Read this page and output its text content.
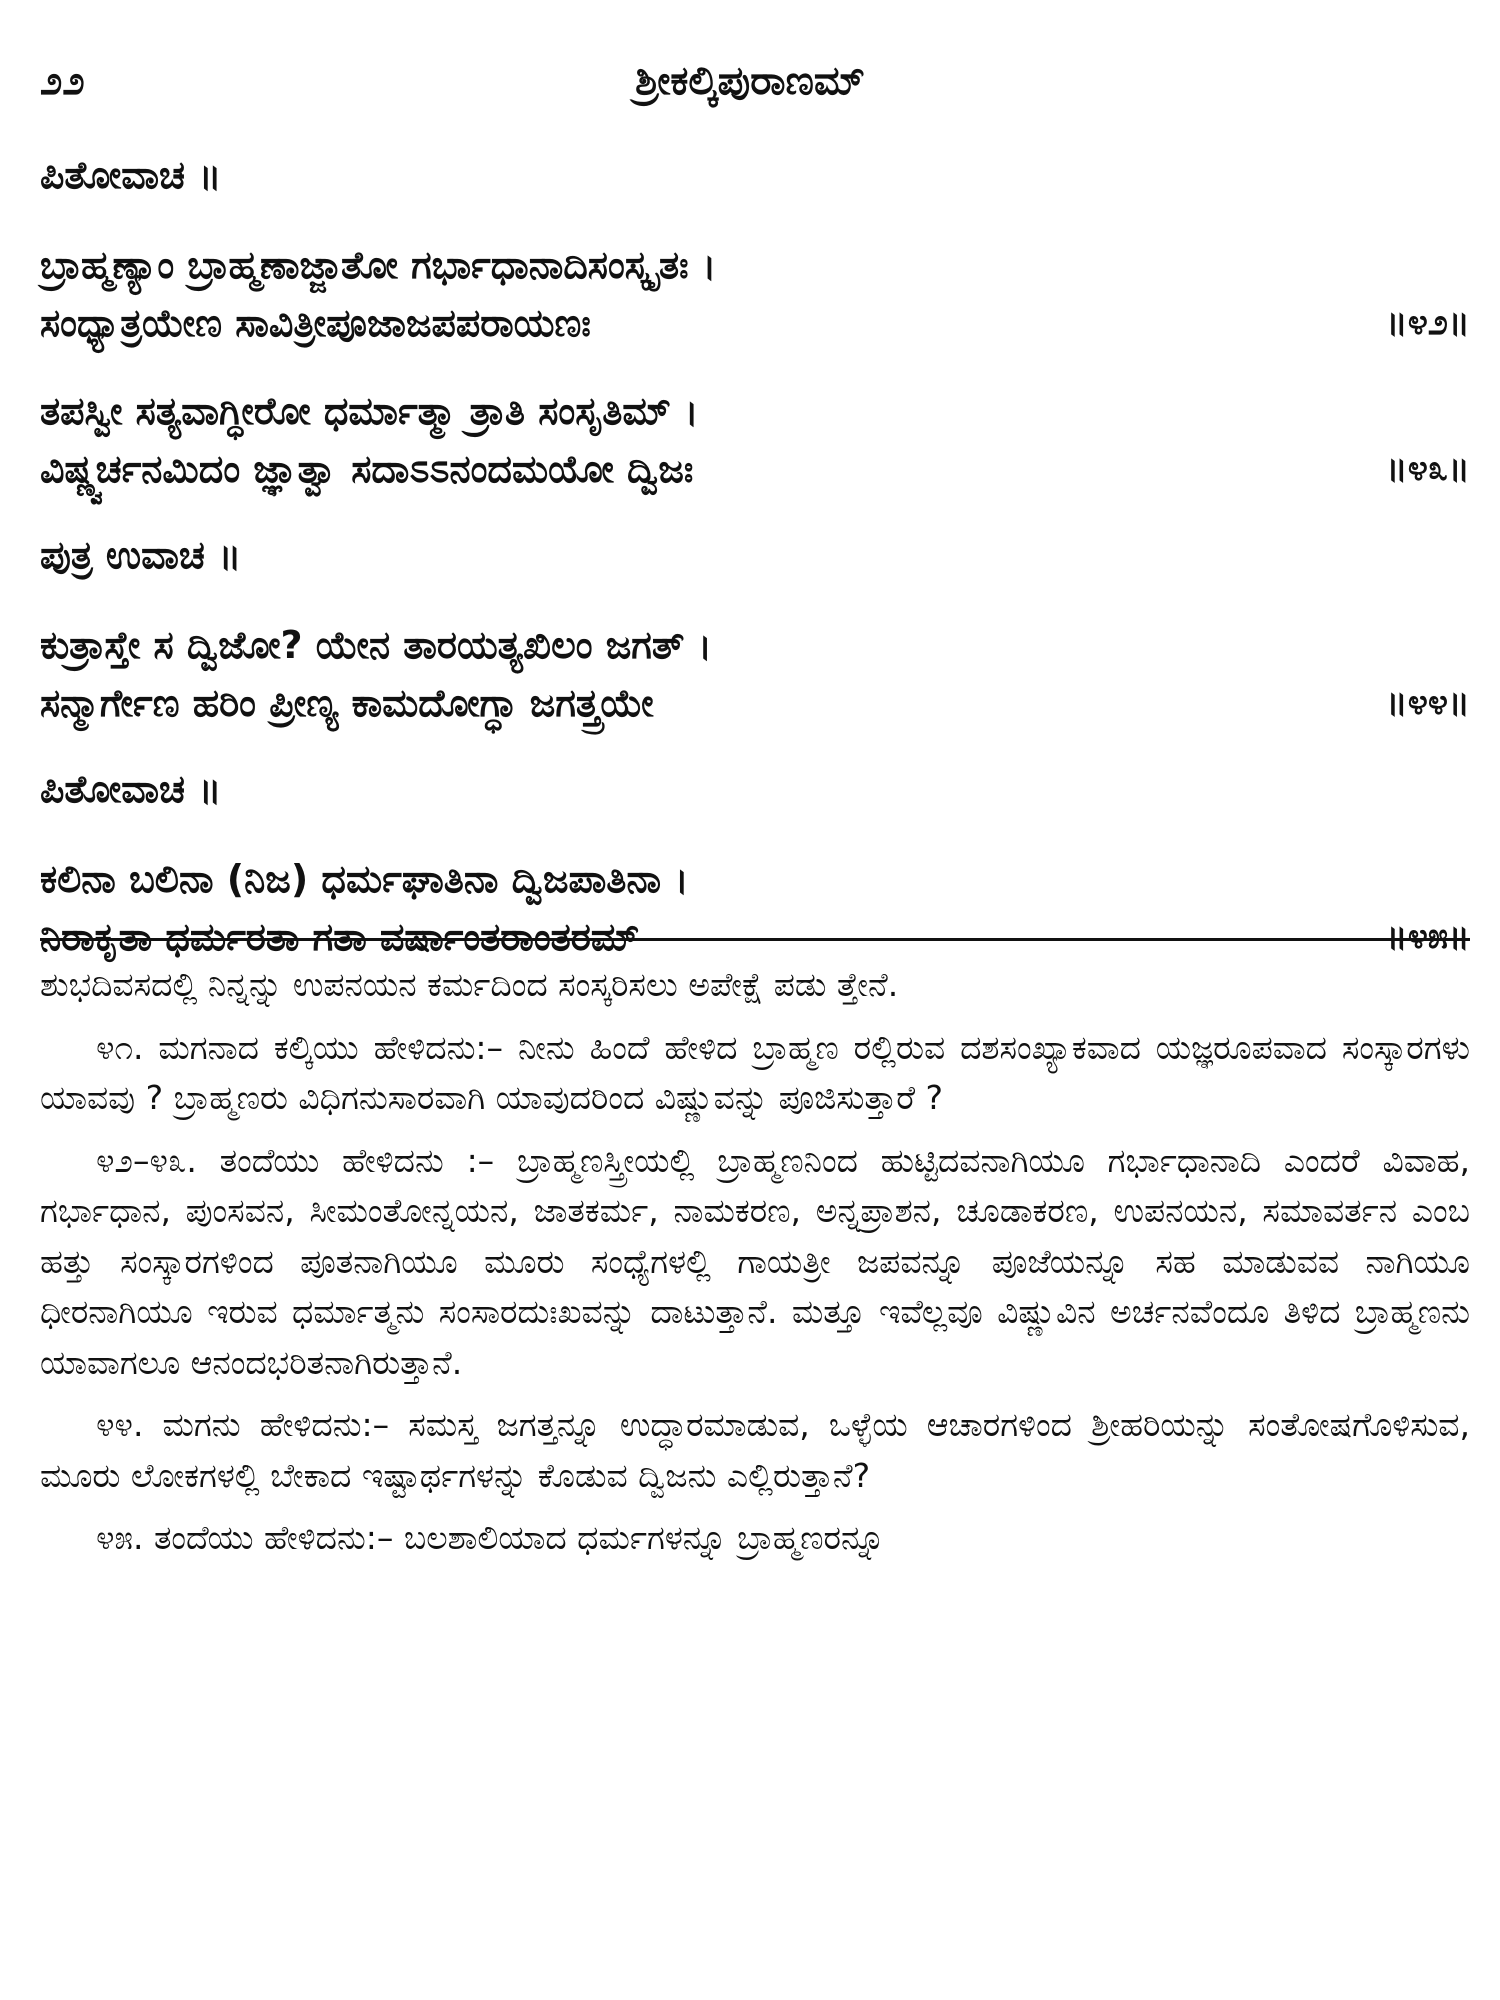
ಶ್ರೀಕಲ್ಕಿಪುರಾಣಮ್
೨೨
ಪಿತೋವಾಚ ॥
ಬ್ರಾಹ್ಮಣ್ಯಾಂ ಬ್ರಾಹ್ಮಣಾಜ್ಜಾತೋ ಗರ್ಭಾಧಾನಾದಿಸಂಸ್ಕೃತಃ ।
ಸಂಧ್ಯಾತ್ರಯೇಣ ಸಾವಿತ್ರೀಪೂಜಾಜಪಪರಾಯಣಃ	॥೪೨॥
ತಪಸ್ವೀ ಸತ್ಯವಾಗ್ಧೀರೋ ಧರ್ಮಾತ್ಮಾ ತ್ರಾತಿ ಸಂಸೃತಿಮ್ ।
ವಿಷ್ಣ್ವರ್ಚನಮಿದಂ ಜ್ಞಾತ್ವಾ ಸದಾಽಽನಂದಮಯೋ ದ್ವಿಜಃ	॥೪೩॥
ಪುತ್ರ ಉವಾಚ ॥
ಕುತ್ರಾಸ್ತೇ ಸ ದ್ವಿಜೋ? ಯೇನ ತಾರಯತ್ಯಖಿಲಂ ಜಗತ್ ।
ಸನ್ಮಾರ್ಗೇಣ ಹರಿಂ ಪ್ರೀಣ್ಯ ಕಾಮದೋಗ್ಧಾ ಜಗತ್ತ್ರಯೇ	॥೪೪॥
ಪಿತೋವಾಚ ॥
ಕಲಿನಾ ಬಲಿನಾ (ನಿಜ) ಧರ್ಮಘಾತಿನಾ ದ್ವಿಜಪಾತಿನಾ ।
ನಿರಾಕೃತಾ ಧರ್ಮರತಾ ಗತಾ ವರ್ಷಾಂತರಾಂತರಮ್	॥೪೫॥

ಶುಭದಿವಸದಲ್ಲಿ ನಿನ್ನನ್ನು ಉಪನಯನ ಕರ್ಮದಿಂದ ಸಂಸ್ಕರಿಸಲು ಅಪೇಕ್ಷೆ ಪಡು ತ್ತೇನೆ.

೪೧. ಮಗನಾದ ಕಲ್ಕಿಯು ಹೇಳಿದನು:– ನೀನು ಹಿಂದೆ ಹೇಳಿದ ಬ್ರಾಹ್ಮಣ ರಲ್ಲಿರುವ ದಶಸಂಖ್ಯಾಕವಾದ ಯಜ್ಞರೂಪವಾದ ಸಂಸ್ಕಾರಗಳು ಯಾವವು ? ಬ್ರಾಹ್ಮಣರು ವಿಧಿಗನುಸಾರವಾಗಿ ಯಾವುದರಿಂದ ವಿಷ್ಣುವನ್ನು ಪೂಜಿಸುತ್ತಾರೆ ?

೪೨–೪೩. ತಂದೆಯು ಹೇಳಿದನು :– ಬ್ರಾಹ್ಮಣಸ್ತ್ರೀಯಲ್ಲಿ ಬ್ರಾಹ್ಮಣನಿಂದ ಹುಟ್ಟಿದವನಾಗಿಯೂ ಗರ್ಭಾಧಾನಾದಿ ಎಂದರೆ ವಿವಾಹ, ಗರ್ಭಾಧಾನ, ಪುಂಸವನ, ಸೀಮಂತೋನ್ನಯನ, ಜಾತಕರ್ಮ, ನಾಮಕರಣ, ಅನ್ನಪ್ರಾಶನ, ಚೂಡಾಕರಣ, ಉಪನಯನ, ಸಮಾವರ್ತನ ಎಂಬ ಹತ್ತು ಸಂಸ್ಕಾರಗಳಿಂದ ಪೂತನಾಗಿಯೂ ಮೂರು ಸಂಧ್ಯೆಗಳಲ್ಲಿ ಗಾಯತ್ರೀ ಜಪವನ್ನೂ ಪೂಜೆಯನ್ನೂ ಸಹ ಮಾಡುವವ ನಾಗಿಯೂ ಧೀರನಾಗಿಯೂ ಇರುವ ಧರ್ಮಾತ್ಮನು ಸಂಸಾರದುಃಖವನ್ನು ದಾಟುತ್ತಾನೆ. ಮತ್ತೂ ಇವೆಲ್ಲವೂ ವಿಷ್ಣುವಿನ ಅರ್ಚನವೆಂದೂ ತಿಳಿದ ಬ್ರಾಹ್ಮಣನು ಯಾವಾಗಲೂ ಆನಂದಭರಿತನಾಗಿರುತ್ತಾನೆ.

೪೪. ಮಗನು ಹೇಳಿದನು:– ಸಮಸ್ತ ಜಗತ್ತನ್ನೂ ಉದ್ಧಾರಮಾಡುವ, ಒಳ್ಳೆಯ ಆಚಾರಗಳಿಂದ ಶ್ರೀಹರಿಯನ್ನು ಸಂತೋಷಗೊಳಿಸುವ, ಮೂರು ಲೋಕಗಳಲ್ಲಿ ಬೇಕಾದ ಇಷ್ಟಾರ್ಥಗಳನ್ನು ಕೊಡುವ ದ್ವಿಜನು ಎಲ್ಲಿರುತ್ತಾನೆ?

೪೫. ತಂದೆಯು ಹೇಳಿದನು:– ಬಲಶಾಲಿಯಾದ ಧರ್ಮಗಳನ್ನೂ ಬ್ರಾಹ್ಮಣರನ್ನೂ
